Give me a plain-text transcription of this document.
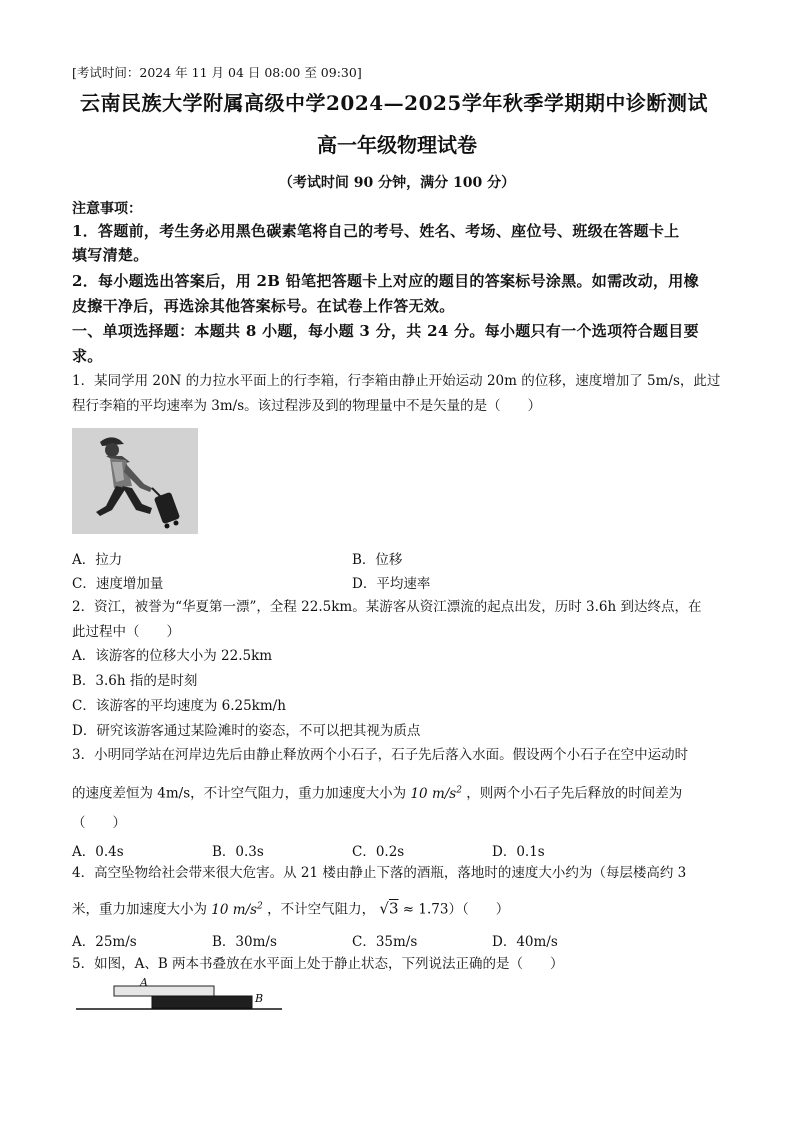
[考试时间：2024 年 11 月 04 日 08:00 至 09:30]
云南民族大学附属高级中学2024—2025学年秋季学期期中诊断测试
高一年级物理试卷
（考试时间 90 分钟，满分 100 分）
注意事项：
1．答题前，考生务必用黑色碳素笔将自己的考号、姓名、考场、座位号、班级在答题卡上
填写清楚。
2．每小题选出答案后，用 2B 铅笔把答题卡上对应的题目的答案标号涂黑。如需改动，用橡
皮擦干净后，再选涂其他答案标号。在试卷上作答无效。
一、单项选择题：本题共 8 小题，每小题 3 分，共 24 分。每小题只有一个选项符合题目要
求。
1．某同学用 20N 的力拉水平面上的行李箱，行李箱由静止开始运动 20m 的位移，速度增加了 5m/s，此过
程行李箱的平均速率为 3m/s。该过程涉及到的物理量中不是矢量的是（　　）
A．拉力	B．位移
C．速度增加量	D．平均速率
2．资江，被誉为“华夏第一漂”，全程 22.5km。某游客从资江漂流的起点出发，历时 3.6h 到达终点，在
此过程中（　　）
A．该游客的位移大小为 22.5km
B．3.6h 指的是时刻
C．该游客的平均速度为 6.25km/h
D．研究该游客通过某险滩时的姿态，不可以把其视为质点
3．小明同学站在河岸边先后由静止释放两个小石子，石子先后落入水面。假设两个小石子在空中运动时
的速度差恒为 4m/s，不计空气阻力，重力加速度大小为 10 $m/s^2$ ，则两个小石子先后释放的时间差为
（　　）
A．0.4s	B．0.3s	C．0.2s	D．0.1s
4．高空坠物给社会带来很大危害。从 21 楼由静止下落的酒瓶，落地时的速度大小约为（每层楼高约 3
米，重力加速度大小为 10 $m/s^2$ ，不计空气阻力， √3 ≈ 1.73）（　　）
A．25m/s	B．30m/s	C．35m/s	D．40m/s
5．如图，A、B 两本书叠放在水平面上处于静止状态，下列说法正确的是（　　）
A
B
